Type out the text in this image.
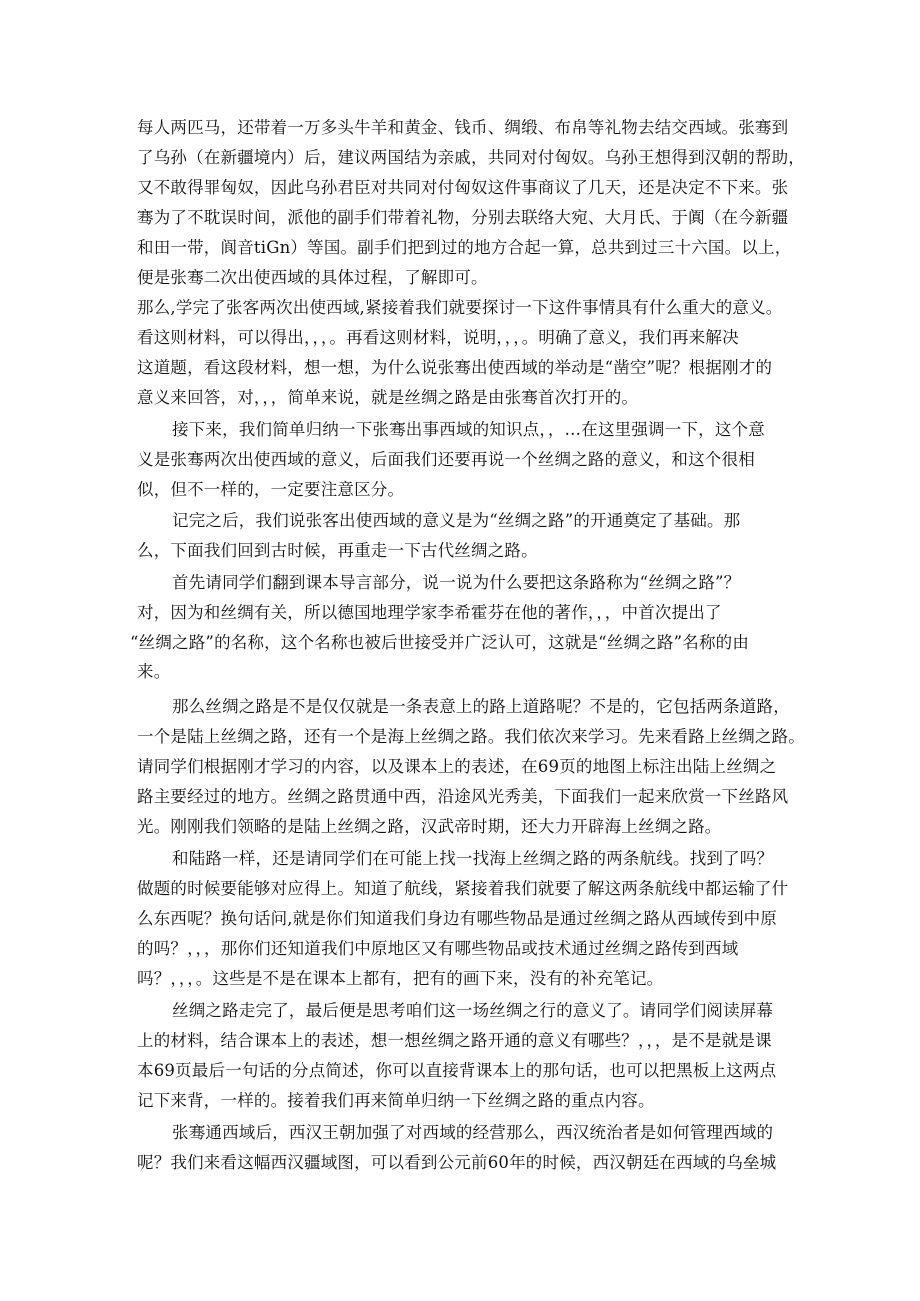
每人两匹马，还带着一万多头牛羊和黄金、钱币、绸缎、布帛等礼物去结交西域。张骞到
了乌孙（在新疆境内）后，建议两国结为亲戚，共同对付匈奴。乌孙王想得到汉朝的帮助，
又不敢得罪匈奴，因此乌孙君臣对共同对付匈奴这件事商议了几天，还是决定不下来。张
骞为了不耽误时间，派他的副手们带着礼物，分别去联络大宛、大月氏、于阗（在今新疆
和田一带，阆音tiGn）等国。副手们把到过的地方合起一算，总共到过三十六国。以上，
便是张骞二次出使西域的具体过程，了解即可。
那么,学完了张客两次出使西域,紧接着我们就要探讨一下这件事情具有什么重大的意义。
看这则材料，可以得出，，，。再看这则材料，说明，，，。明确了意义，我们再来解决
这道题，看这段材料，想一想，为什么说张骞出使西域的举动是“凿空”呢？根据刚才的
意义来回答，对，，，简单来说，就是丝绸之路是由张骞首次打开的。
接下来，我们简单归纳一下张骞出事西域的知识点，，…在这里强调一下，这个意
义是张骞两次出使西域的意义，后面我们还要再说一个丝绸之路的意义，和这个很相
似，但不一样的，一定要注意区分。
记完之后，我们说张客出使西域的意义是为“丝绸之路”的开通奠定了基础。那
么，下面我们回到古时候，再重走一下古代丝绸之路。
首先请同学们翻到课本导言部分，说一说为什么要把这条路称为“丝绸之路”？
对，因为和丝绸有关，所以德国地理学家李希霍芬在他的著作，，，中首次提出了
“丝绸之路”的名称，这个名称也被后世接受并广泛认可，这就是“丝绸之路”名称的由
来。
那么丝绸之路是不是仅仅就是一条表意上的路上道路呢？不是的，它包括两条道路，
一个是陆上丝绸之路，还有一个是海上丝绸之路。我们依次来学习。先来看路上丝绸之路。
请同学们根据刚才学习的内容，以及课本上的表述，在69页的地图上标注出陆上丝绸之
路主要经过的地方。丝绸之路贯通中西，沿途风光秀美，下面我们一起来欣赏一下丝路风
光。刚刚我们领略的是陆上丝绸之路，汉武帝时期，还大力开辟海上丝绸之路。
和陆路一样，还是请同学们在可能上找一找海上丝绸之路的两条航线。找到了吗？
做题的时候要能够对应得上。知道了航线，紧接着我们就要了解这两条航线中都运输了什
么东西呢？换句话问,就是你们知道我们身边有哪些物品是通过丝绸之路从西域传到中原
的吗？，，，那你们还知道我们中原地区又有哪些物品或技术通过丝绸之路传到西域
吗？，，，。这些是不是在课本上都有，把有的画下来，没有的补充笔记。
丝绸之路走完了，最后便是思考咱们这一场丝绸之行的意义了。请同学们阅读屏幕
上的材料，结合课本上的表述，想一想丝绸之路开通的意义有哪些？，，，是不是就是课
本69页最后一句话的分点简述，你可以直接背课本上的那句话，也可以把黑板上这两点
记下来背，一样的。接着我们再来简单归纳一下丝绸之路的重点内容。
张骞通西域后，西汉王朝加强了对西域的经营那么，西汉统治者是如何管理西域的
呢？我们来看这幅西汉疆域图，可以看到公元前60年的时候，西汉朝廷在西域的乌垒城
